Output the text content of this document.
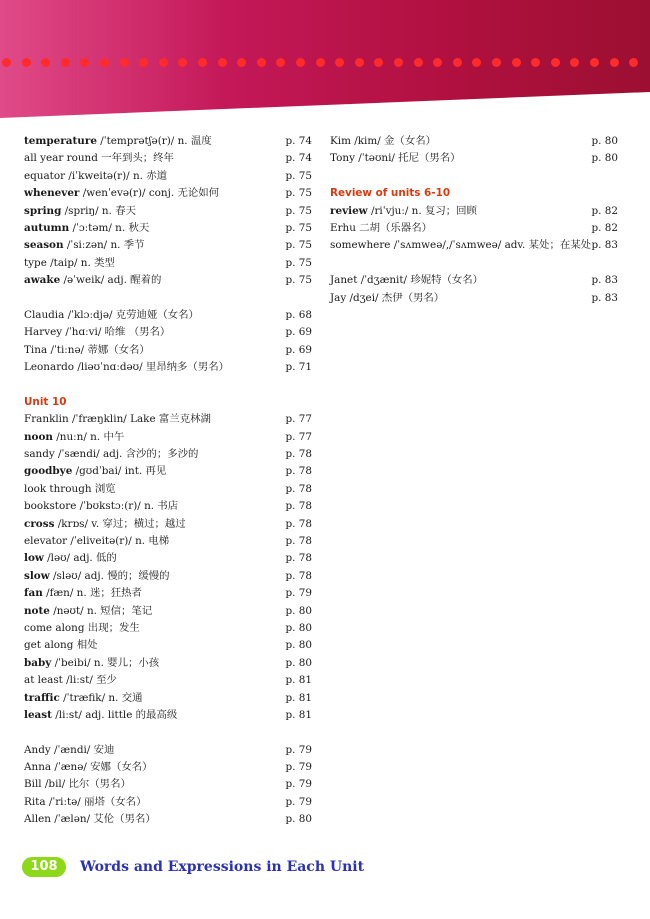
temperature /ˈtemprətʃə(r)/ n. 温度	p. 74
all year round 一年到头；终年	p. 74
equator /iˈkweitə(r)/ n. 赤道	p. 75
whenever /wenˈevə(r)/ conj. 无论如何	p. 75
spring /spriŋ/ n. 春天	p. 75
autumn /ˈɔːtəm/ n. 秋天	p. 75
season /ˈsiːzən/ n. 季节	p. 75
type /taip/ n. 类型	p. 75
awake /əˈweik/ adj. 醒着的	p. 75
Claudia /ˈklɔːdjə/ 克劳迪娅（女名）	p. 68
Harvey /ˈhɑːvi/ 哈维 （男名）	p. 69
Tina /ˈtiːnə/ 蒂娜（女名）	p. 69
Leonardo /liəʊˈnɑːdəʊ/ 里昂纳多（男名）	p. 71
Unit 10
Franklin /ˈfræŋklin/ Lake 富兰克林湖	p. 77
noon /nuːn/ n. 中午	p. 77
sandy /ˈsændi/ adj. 含沙的；多沙的	p. 78
goodbye /gʊdˈbai/ int. 再见	p. 78
look through 浏览	p. 78
bookstore /ˈbʊkstɔː(r)/ n. 书店	p. 78
cross /krɒs/ v. 穿过；横过；越过	p. 78
elevator /ˈeliveitə(r)/ n. 电梯	p. 78
low /ləʊ/ adj. 低的	p. 78
slow /sləʊ/ adj. 慢的；缓慢的	p. 78
fan /fæn/ n. 迷；狂热者	p. 79
note /nəʊt/ n. 短信；笔记	p. 80
come along 出现；发生	p. 80
get along 相处	p. 80
baby /ˈbeibi/ n. 婴儿；小孩	p. 80
at least /liːst/ 至少	p. 81
traffic /ˈtræfik/ n. 交通	p. 81
least /liːst/ adj. little 的最高级	p. 81
Andy /ˈændi/ 安迪	p. 79
Anna /ˈænə/ 安娜（女名）	p. 79
Bill /bil/ 比尔（男名）	p. 79
Rita /ˈriːtə/ 丽塔（女名）	p. 79
Allen /ˈælən/ 艾伦（男名）	p. 80
Kim /kim/ 金（女名）	p. 80
Tony /ˈtəʊni/ 托尼（男名）	p. 80
Review of units 6-10
review /riˈvjuː/ n. 复习；回顾	p. 82
Erhu 二胡（乐器名）	p. 82
somewhere /ˈsʌmweə/,/ˈsʌmweə/ adv. 某处；在某处 p. 83
Janet /ˈdʒænit/ 珍妮特（女名）	p. 83
Jay /dʒei/ 杰伊（男名）	p. 83
108	Words and Expressions in Each Unit
